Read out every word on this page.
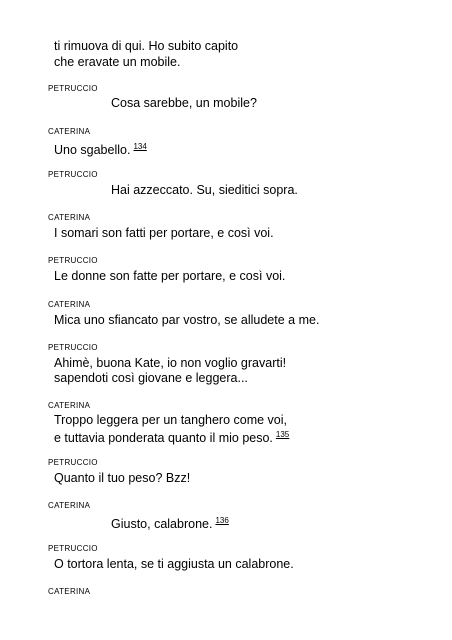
ti rimuova di qui. Ho subito capito
che eravate un mobile.
PETRUCCIO
Cosa sarebbe, un mobile?
CATERINA
Uno sgabello. $^{134}$
PETRUCCIO
Hai azzeccato. Su, sieditici sopra.
CATERINA
I somari son fatti per portare, e così voi.
PETRUCCIO
Le donne son fatte per portare, e così voi.
CATERINA
Mica uno sfiancato par vostro, se alludete a me.
PETRUCCIO
Ahimè, buona Kate, io non voglio gravarti!
sapendoti così giovane e leggera...
CATERINA
Troppo leggera per un tanghero come voi,
e tuttavia ponderata quanto il mio peso. $^{135}$
PETRUCCIO
Quanto il tuo peso? Bzz!
CATERINA
Giusto, calabrone. $^{136}$
PETRUCCIO
O tortora lenta, se ti aggiusta un calabrone.
CATERINA
